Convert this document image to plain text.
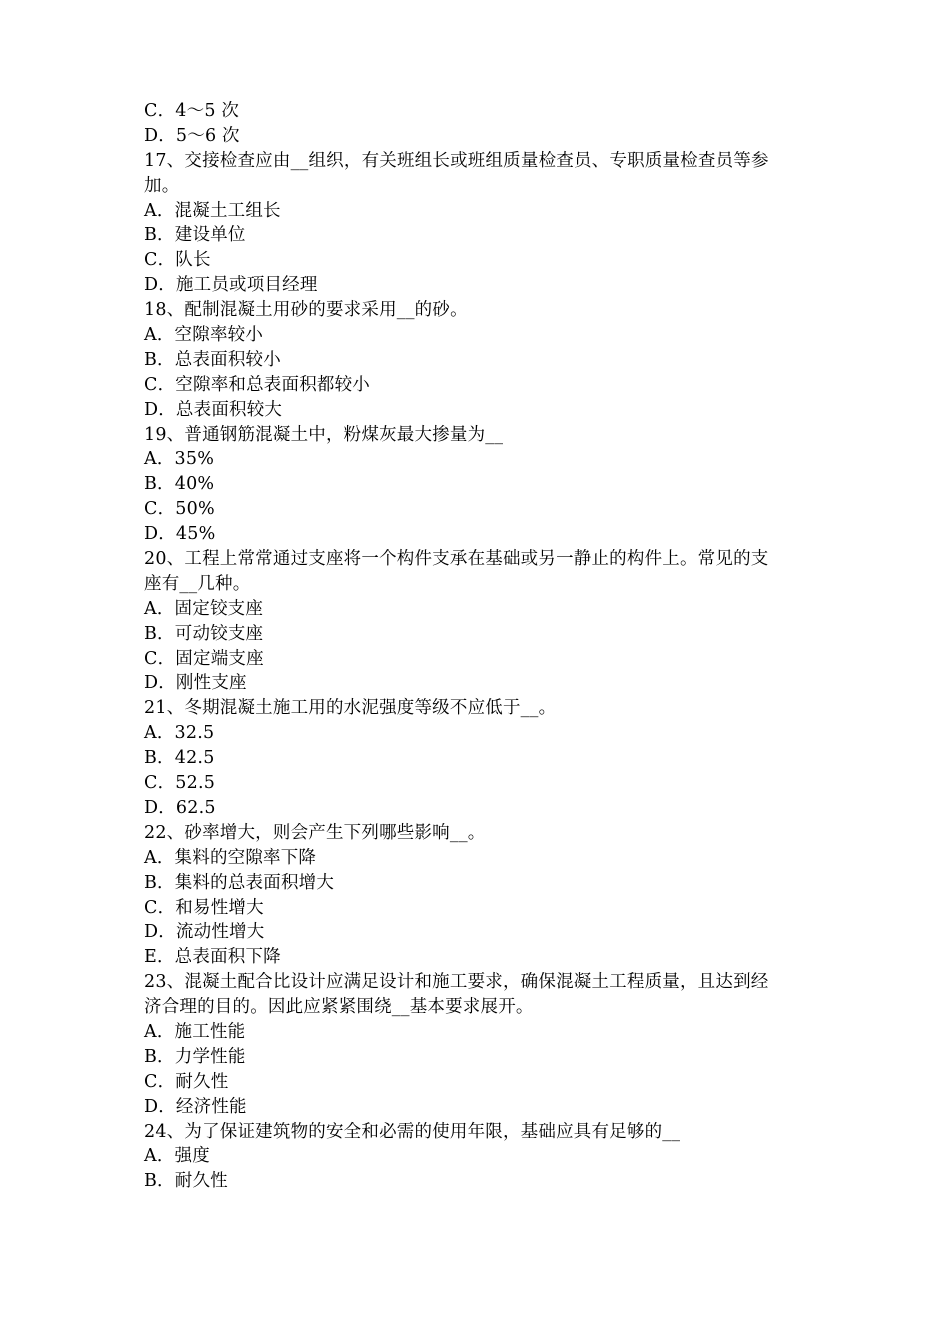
C．4～5 次
D．5～6 次
17、交接检查应由__组织，有关班组长或班组质量检查员、专职质量检查员等参
加。
A．混凝土工组长
B．建设单位
C．队长
D．施工员或项目经理
18、配制混凝土用砂的要求采用__的砂。
A．空隙率较小
B．总表面积较小
C．空隙率和总表面积都较小
D．总表面积较大
19、普通钢筋混凝土中，粉煤灰最大掺量为__
A．35%
B．40%
C．50%
D．45%
20、工程上常常通过支座将一个构件支承在基础或另一静止的构件上。常见的支
座有__几种。
A．固定铰支座
B．可动铰支座
C．固定端支座
D．刚性支座
21、冬期混凝土施工用的水泥强度等级不应低于__。
A．32.5
B．42.5
C．52.5
D．62.5
22、砂率增大，则会产生下列哪些影响__。
A．集料的空隙率下降
B．集料的总表面积增大
C．和易性增大
D．流动性增大
E．总表面积下降
23、混凝土配合比设计应满足设计和施工要求，确保混凝土工程质量，且达到经
济合理的目的。因此应紧紧围绕__基本要求展开。
A．施工性能
B．力学性能
C．耐久性
D．经济性能
24、为了保证建筑物的安全和必需的使用年限，基础应具有足够的__
A．强度
B．耐久性
